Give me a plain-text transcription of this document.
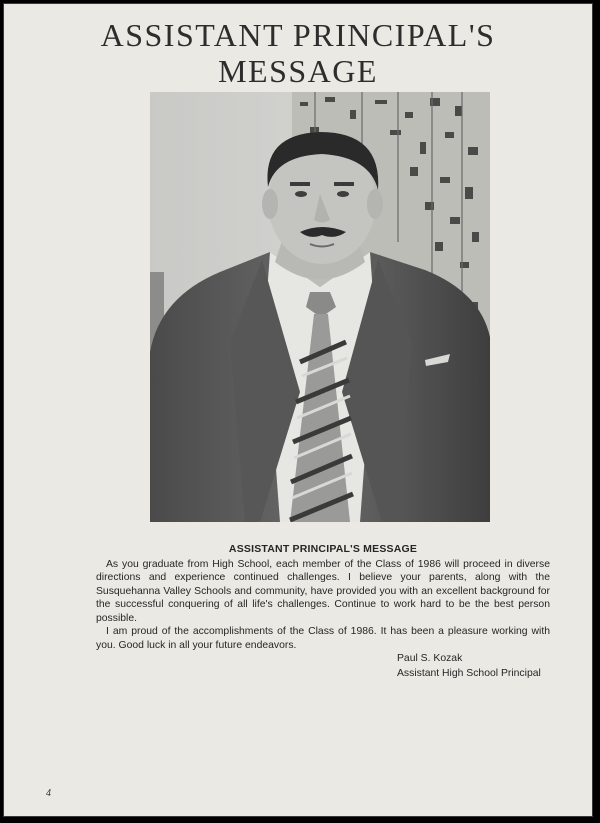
ASSISTANT PRINCIPAL'S
MESSAGE
ASSISTANT PRINCIPAL'S MESSAGE

As you graduate from High School, each member of the Class of 1986 will proceed in diverse directions and experience continued challenges. I believe your parents, along with the Susquehanna Valley Schools and community, have provided you with an excellent background for the successful conquering of all life's challenges. Continue to work hard to be the best person possible.

I am proud of the accomplishments of the Class of 1986. It has been a pleasure working with you. Good luck in all your future endeavors.

Paul S. Kozak
Assistant High School Principal
4
